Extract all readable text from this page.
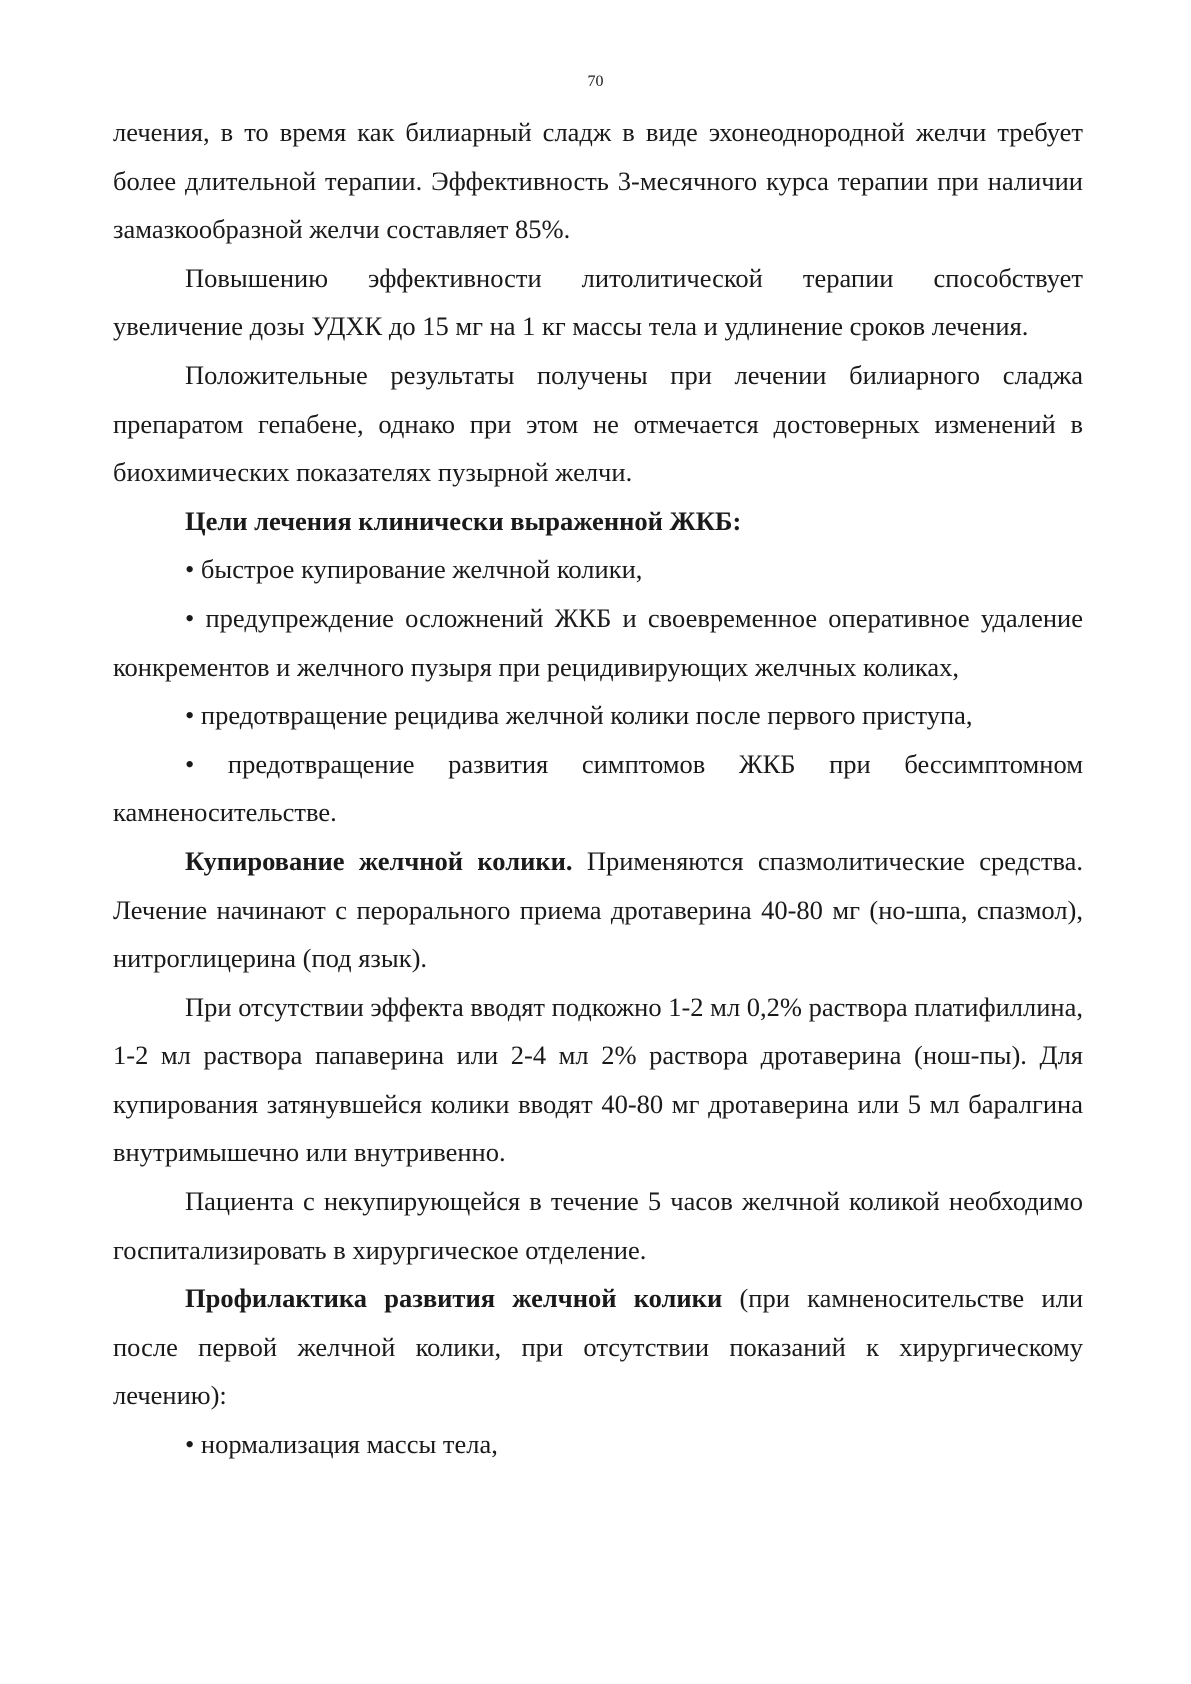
70

лечения, в то время как билиарный сладж в виде эхонеоднородной желчи требует более длительной терапии. Эффективность 3-месячного курса терапии при наличии замазкообразной желчи составляет 85%.

Повышению эффективности литолитической терапии способствует увеличение дозы УДХК до 15 мг на 1 кг массы тела и удлинение сроков лечения.

Положительные результаты получены при лечении билиарного сладжа препаратом гепабене, однако при этом не отмечается достоверных изменений в биохимических показателях пузырной желчи.

Цели лечения клинически выраженной ЖКБ:

• быстрое купирование желчной колики,

• предупреждение осложнений ЖКБ и своевременное оперативное удаление конкрементов и желчного пузыря при рецидивирующих желчных коликах,

• предотвращение рецидива желчной колики после первого приступа,

• предотвращение развития симптомов ЖКБ при бессимптомном камненосительстве.

Купирование желчной колики. Применяются спазмолитические средства. Лечение начинают с перорального приема дротаверина 40-80 мг (но-шпа, спазмол), нитроглицерина (под язык).

При отсутствии эффекта вводят подкожно 1-2 мл 0,2% раствора платифиллина, 1-2 мл раствора папаверина или 2-4 мл 2% раствора дротаверина (нош-пы). Для купирования затянувшейся колики вводят 40-80 мг дротаверина или 5 мл баралгина внутримышечно или внутривенно.

Пациента с некупирующейся в течение 5 часов желчной коликой необходимо госпитализировать в хирургическое отделение.

Профилактика развития желчной колики (при камненосительстве или после первой желчной колики, при отсутствии показаний к хирургическому лечению):

• нормализация массы тела,
